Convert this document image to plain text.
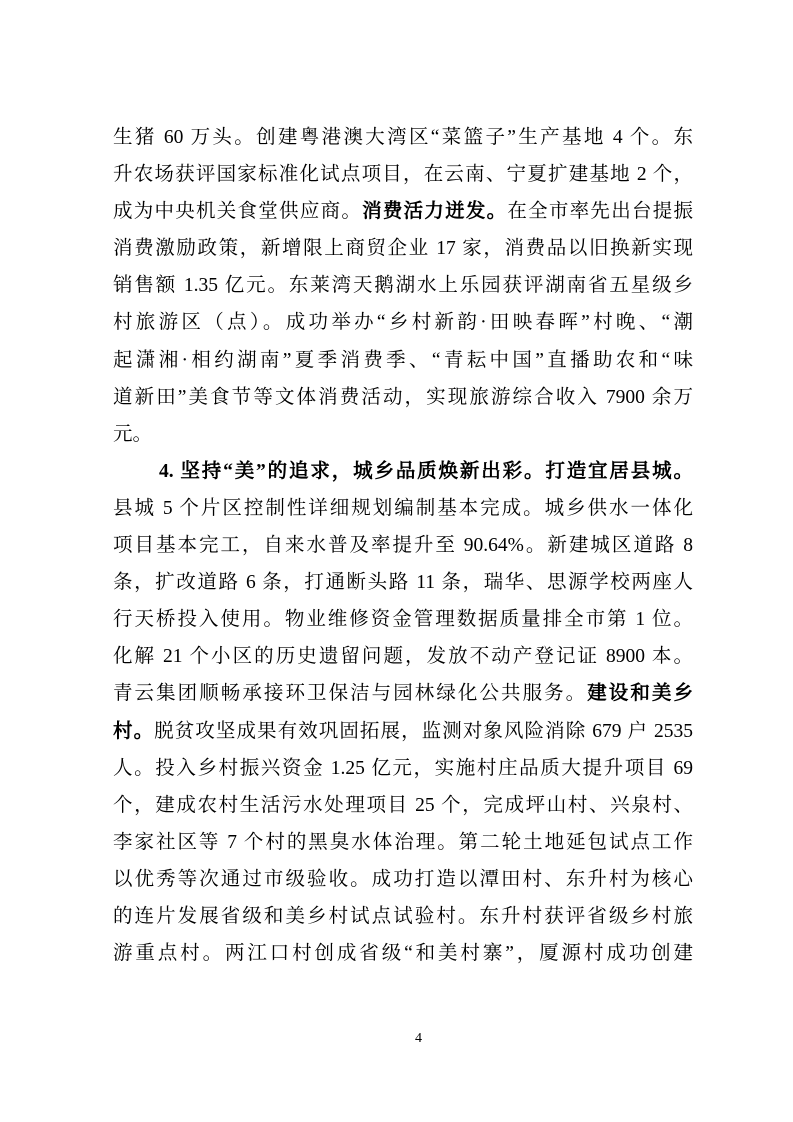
生猪 60 万头。创建粤港澳大湾区“菜篮子”生产基地 4 个。东
升农场获评国家标准化试点项目，在云南、宁夏扩建基地 2 个，
成为中央机关食堂供应商。消费活力迸发。在全市率先出台提振
消费激励政策，新增限上商贸企业 17 家，消费品以旧换新实现
销售额 1.35 亿元。东莱湾天鹅湖水上乐园获评湖南省五星级乡
村旅游区（点）。成功举办“乡村新韵·田映春晖”村晚、“潮
起潇湘·相约湖南”夏季消费季、“青耘中国”直播助农和“味
道新田”美食节等文体消费活动，实现旅游综合收入 7900 余万
元。
4. 坚持“美”的追求，城乡品质焕新出彩。打造宜居县城。
县城 5 个片区控制性详细规划编制基本完成。城乡供水一体化
项目基本完工，自来水普及率提升至 90.64%。新建城区道路 8
条，扩改道路 6 条，打通断头路 11 条，瑞华、思源学校两座人
行天桥投入使用。物业维修资金管理数据质量排全市第 1 位。
化解 21 个小区的历史遗留问题，发放不动产登记证 8900 本。
青云集团顺畅承接环卫保洁与园林绿化公共服务。建设和美乡
村。脱贫攻坚成果有效巩固拓展，监测对象风险消除 679 户 2535
人。投入乡村振兴资金 1.25 亿元，实施村庄品质大提升项目 69
个，建成农村生活污水处理项目 25 个，完成坪山村、兴泉村、
李家社区等 7 个村的黑臭水体治理。第二轮土地延包试点工作
以优秀等次通过市级验收。成功打造以潭田村、东升村为核心
的连片发展省级和美乡村试点试验村。东升村获评省级乡村旅
游重点村。两江口村创成省级“和美村寨”，厦源村成功创建
4
